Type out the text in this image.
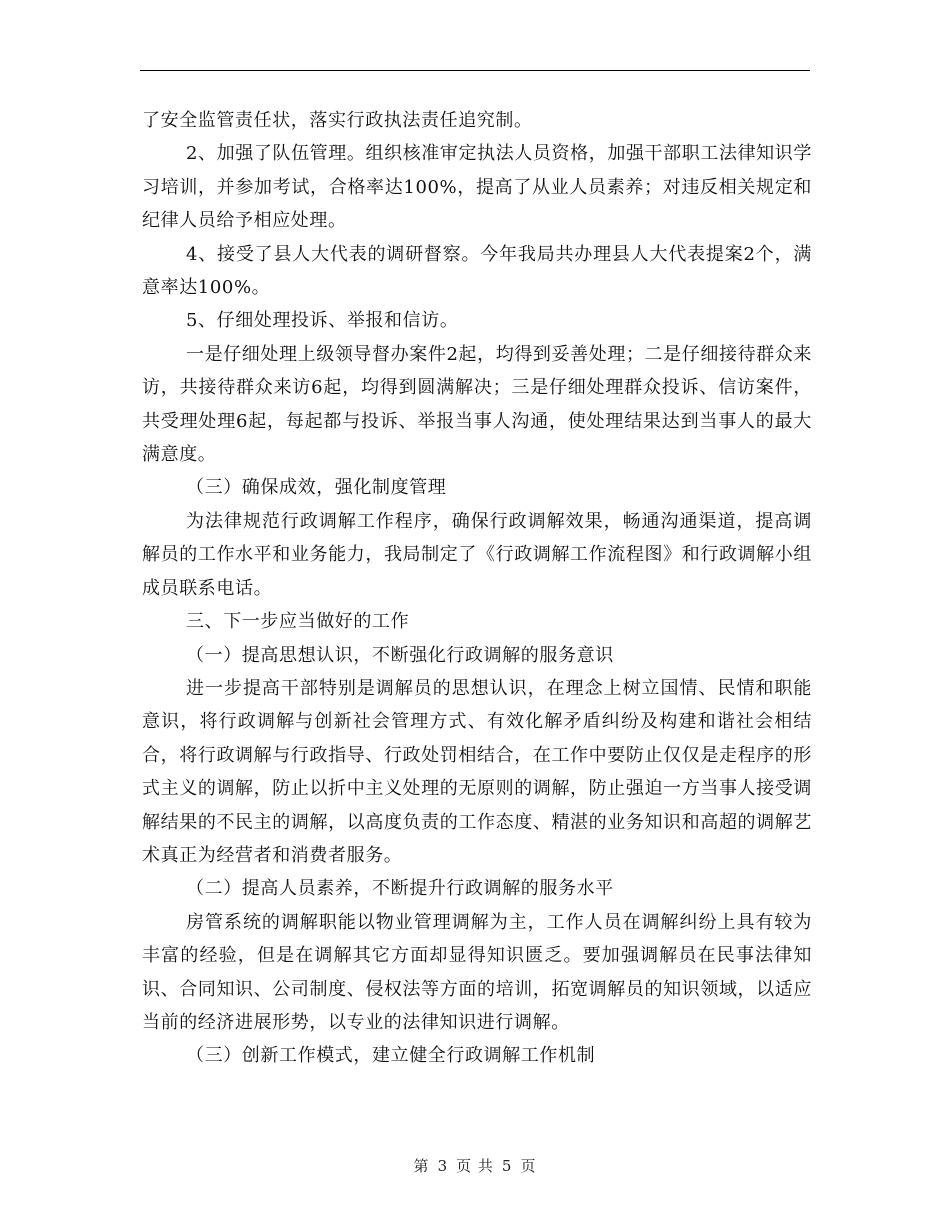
了安全监管责任状，落实行政执法责任追究制。

2、加强了队伍管理。组织核准审定执法人员资格，加强干部职工法律知识学习培训，并参加考试，合格率达100%，提高了从业人员素养；对违反相关规定和纪律人员给予相应处理。

4、接受了县人大代表的调研督察。今年我局共办理县人大代表提案2个，满意率达100%。

5、仔细处理投诉、举报和信访。

一是仔细处理上级领导督办案件2起，均得到妥善处理；二是仔细接待群众来访，共接待群众来访6起，均得到圆满解决；三是仔细处理群众投诉、信访案件，共受理处理6起，每起都与投诉、举报当事人沟通，使处理结果达到当事人的最大满意度。

（三）确保成效，强化制度管理

为法律规范行政调解工作程序，确保行政调解效果，畅通沟通渠道，提高调解员的工作水平和业务能力，我局制定了《行政调解工作流程图》和行政调解小组成员联系电话。

三、下一步应当做好的工作

（一）提高思想认识，不断强化行政调解的服务意识

进一步提高干部特别是调解员的思想认识，在理念上树立国情、民情和职能意识，将行政调解与创新社会管理方式、有效化解矛盾纠纷及构建和谐社会相结合，将行政调解与行政指导、行政处罚相结合，在工作中要防止仅仅是走程序的形式主义的调解，防止以折中主义处理的无原则的调解，防止强迫一方当事人接受调解结果的不民主的调解，以高度负责的工作态度、精湛的业务知识和高超的调解艺术真正为经营者和消费者服务。

（二）提高人员素养，不断提升行政调解的服务水平

房管系统的调解职能以物业管理调解为主，工作人员在调解纠纷上具有较为丰富的经验，但是在调解其它方面却显得知识匮乏。要加强调解员在民事法律知识、合同知识、公司制度、侵权法等方面的培训，拓宽调解员的知识领域，以适应当前的经济进展形势，以专业的法律知识进行调解。

（三）创新工作模式，建立健全行政调解工作机制

第 3 页 共 5 页
